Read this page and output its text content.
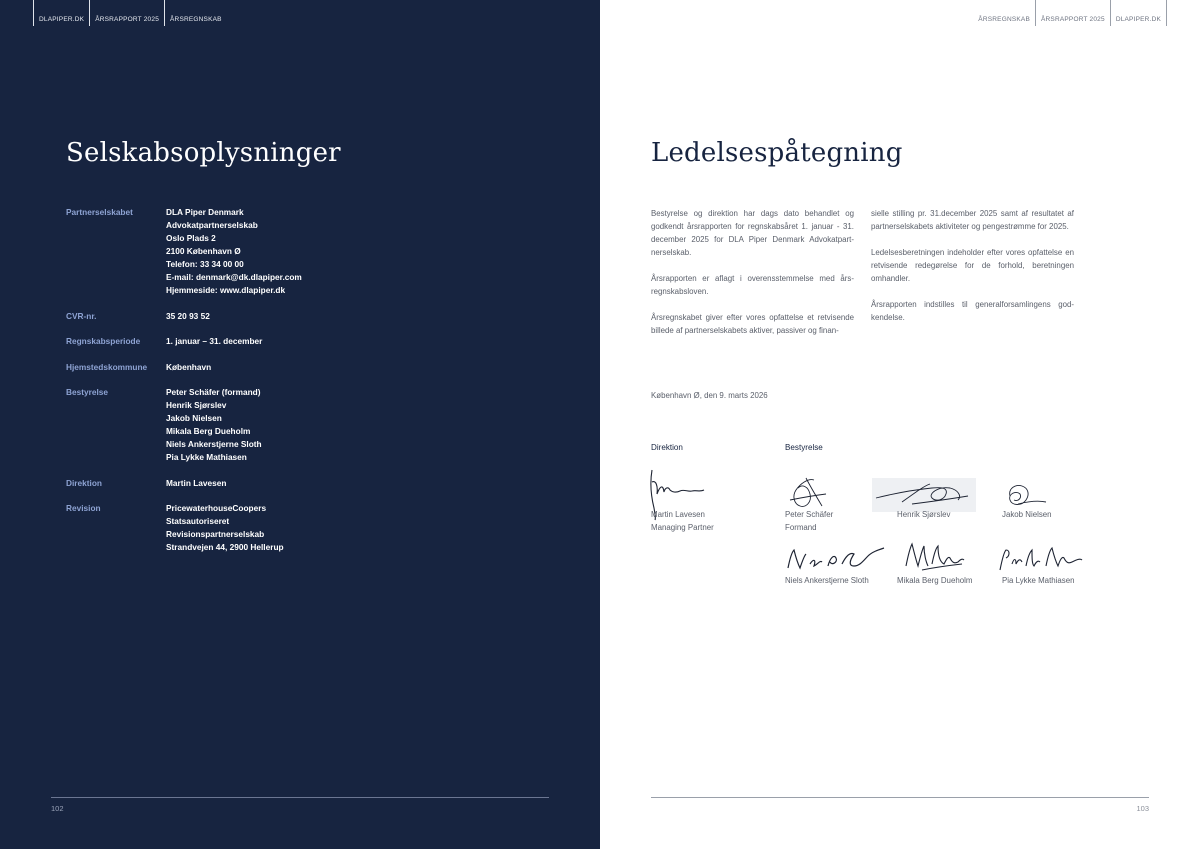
DLAPIPER.DK	ÅRSRAPPORT 2025	ÅRSREGNSKAB
Selskabsoplysninger
Partnerselskabet	DLA Piper Denmark
Advokatpartnerselskab
Oslo Plads 2
2100 København Ø
Telefon: 33 34 00 00
E-mail: denmark@dk.dlapiper.com
Hjemmeside: www.dlapiper.dk
CVR-nr.	35 20 93 52
Regnskabsperiode	1. januar – 31. december
Hjemstedskommune	København
Bestyrelse	Peter Schäfer (formand)
Henrik Sjørslev
Jakob Nielsen
Mikala Berg Dueholm
Niels Ankerstjerne Sloth
Pia Lykke Mathiasen
Direktion	Martin Lavesen
Revision	PricewaterhouseCoopers
Statsautoriseret
Revisionspartnerselskab
Strandvejen 44, 2900 Hellerup
102
ÅRSREGNSKAB	ÅRSRAPPORT 2025	DLAPIPER.DK
Ledelsespåtegning

Bestyrelse og direktion har dags dato behandlet og godkendt årsrapporten for regnskabsåret 1. januar - 31. december 2025 for DLA Piper Denmark Advokatpartnerselskab.

Årsrapporten er aflagt i overensstemmelse med årsregnskabsloven.

Årsregnskabet giver efter vores opfattelse et retvisende billede af partnerselskabets aktiver, passiver og finan-

sielle stilling pr. 31.december 2025 samt af resultatet af partnerselskabets aktiviteter og pengestrømme for 2025.

Ledelsesberetningen indeholder efter vores opfattelse en retvisende redegørelse for de forhold, beretningen omhandler.

Årsrapporten indstilles til generalforsamlingens godkendelse.

København Ø, den 9. marts 2026
Direktion	Bestyrelse
Martin Lavesen
Managing Partner
Peter Schäfer
Formand
Henrik Sjørslev	Jakob Nielsen
Niels Ankerstjerne Sloth	Mikala Berg Dueholm	Pia Lykke Mathiasen
103
